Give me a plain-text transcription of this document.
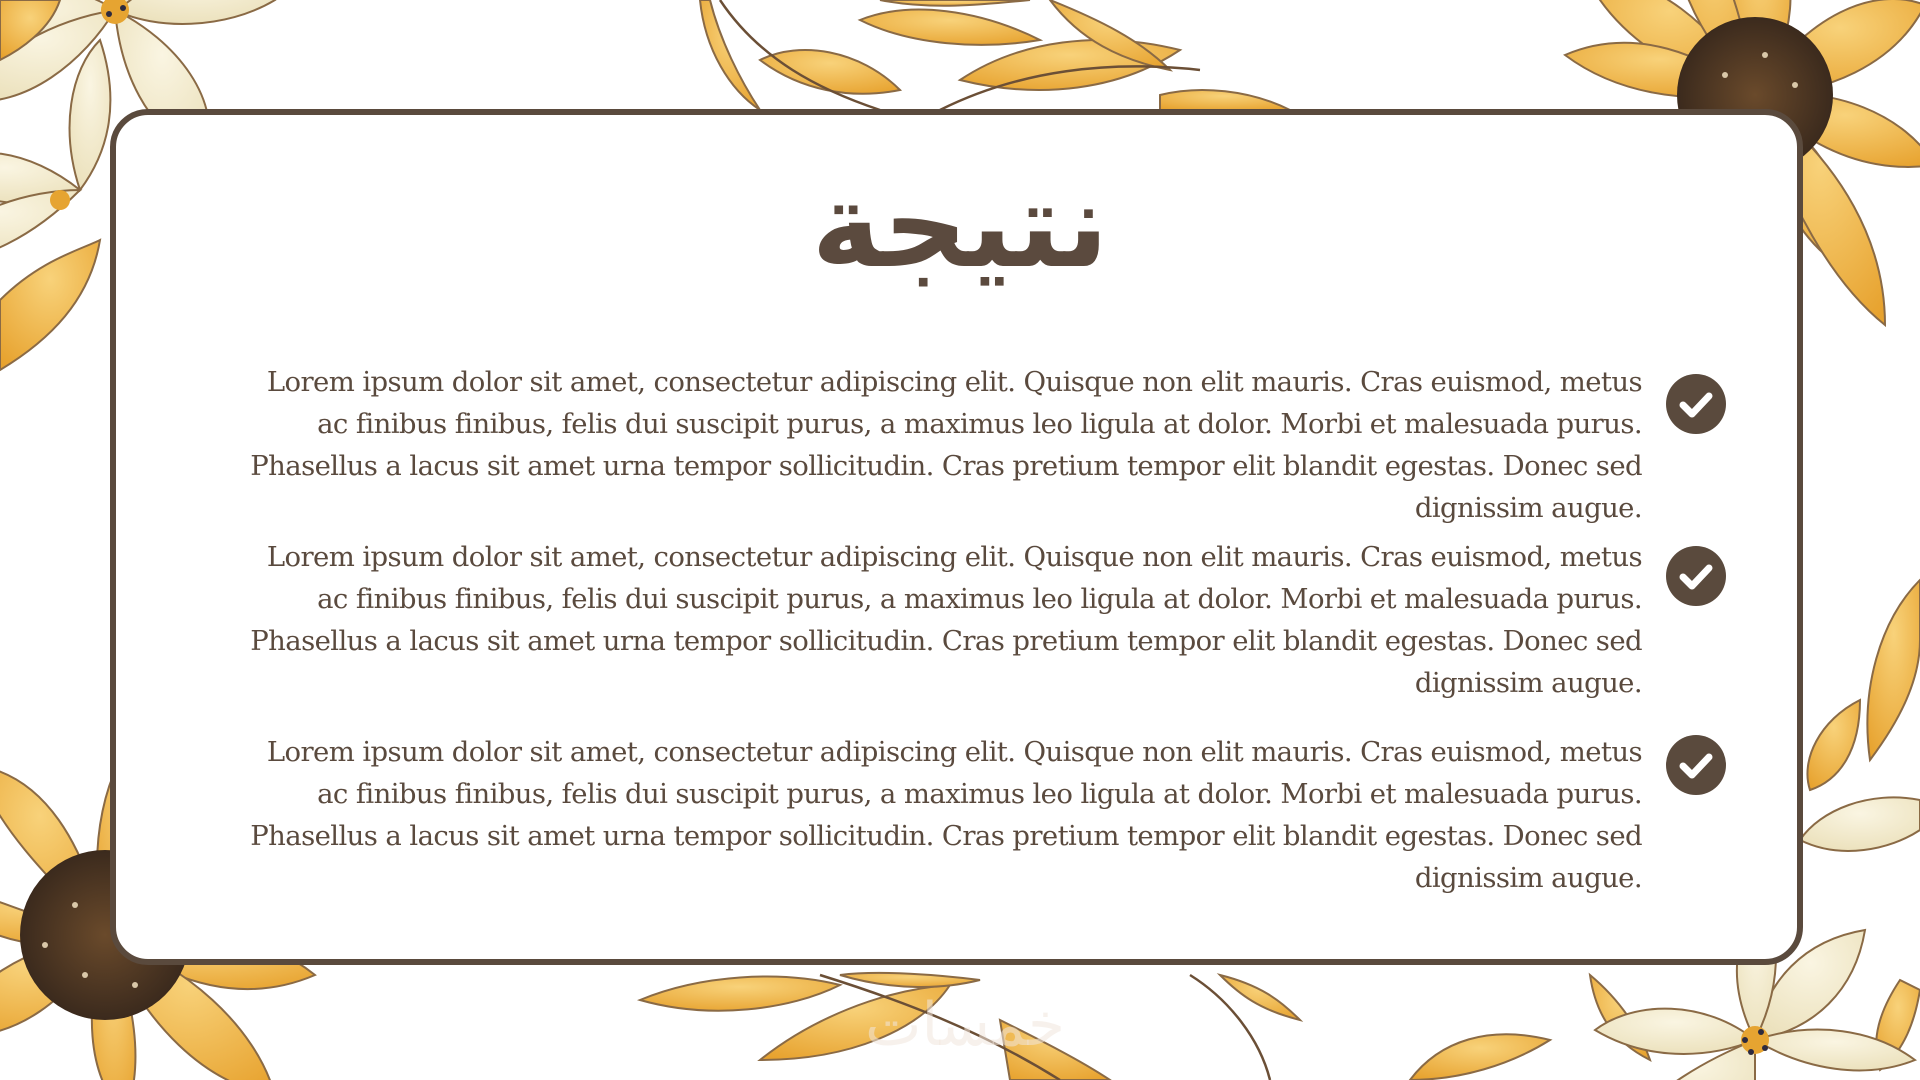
نتيجة
Lorem ipsum dolor sit amet, consectetur adipiscing elit. Quisque non elit mauris. Cras euismod, metus ac finibus finibus, felis dui suscipit purus, a maximus leo ligula at dolor. Morbi et malesuada purus. Phasellus a lacus sit amet urna tempor sollicitudin. Cras pretium tempor elit blandit egestas. Donec sed dignissim augue.
Lorem ipsum dolor sit amet, consectetur adipiscing elit. Quisque non elit mauris. Cras euismod, metus ac finibus finibus, felis dui suscipit purus, a maximus leo ligula at dolor. Morbi et malesuada purus. Phasellus a lacus sit amet urna tempor sollicitudin. Cras pretium tempor elit blandit egestas. Donec sed dignissim augue.
Lorem ipsum dolor sit amet, consectetur adipiscing elit. Quisque non elit mauris. Cras euismod, metus ac finibus finibus, felis dui suscipit purus, a maximus leo ligula at dolor. Morbi et malesuada purus. Phasellus a lacus sit amet urna tempor sollicitudin. Cras pretium tempor elit blandit egestas. Donec sed dignissim augue.
خمسات
